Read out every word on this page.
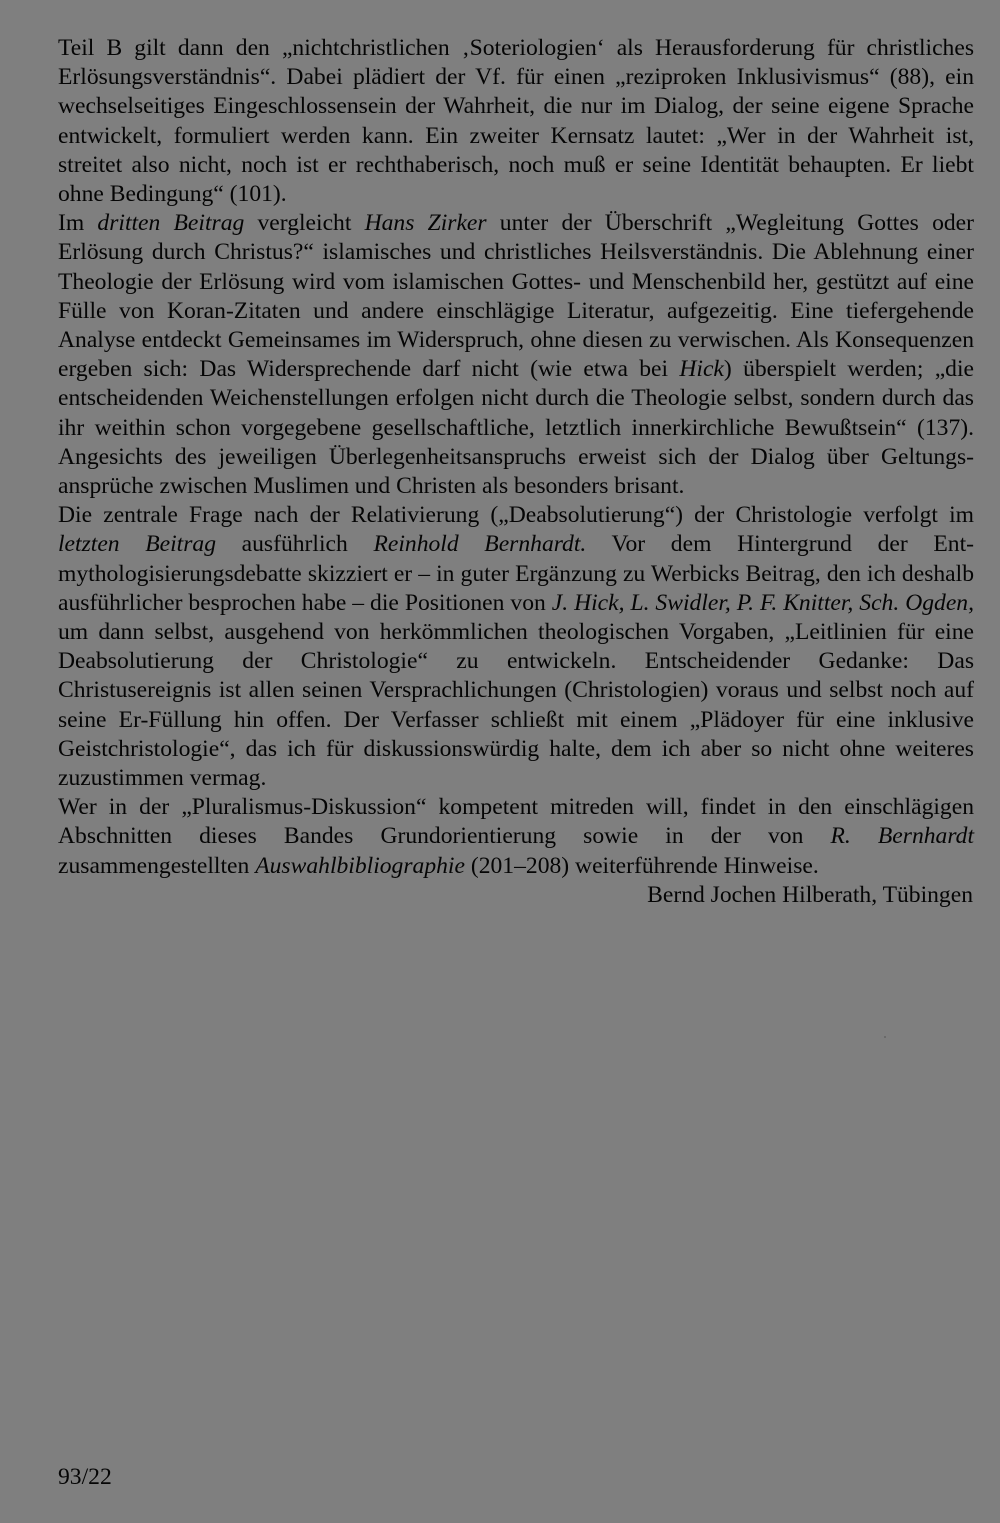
Teil B gilt dann den „nichtchristlichen ‚Soteriologien‘ als Herausforderung für christliches Erlösungsverständnis“. Dabei plädiert der Vf. für einen „reziproken Inklusivismus“ (88), ein wechselseitiges Eingeschlossensein der Wahrheit, die nur im Dialog, der seine eigene Sprache entwickelt, formuliert werden kann. Ein zweiter Kernsatz lautet: „Wer in der Wahrheit ist, streitet also nicht, noch ist er rechthaberisch, noch muß er seine Identität behaupten. Er liebt ohne Bedingung“ (101).

Im dritten Beitrag vergleicht Hans Zirker unter der Überschrift „Wegleitung Gottes oder Erlösung durch Christus?“ islamisches und christliches Heilsverständnis. Die Ablehnung einer Theologie der Erlösung wird vom islamischen Gottes- und Menschenbild her, gestützt auf eine Fülle von Koran-Zitaten und andere einschlägige Literatur, aufgezeitig. Eine tiefergehende Analyse entdeckt Gemeinsames im Widerspruch, ohne diesen zu verwischen. Als Konsequenzen ergeben sich: Das Widersprechende darf nicht (wie etwa bei Hick) überspielt werden; „die entscheidenden Weichenstellungen erfolgen nicht durch die Theologie selbst, sondern durch das ihr weithin schon vorgegebene gesellschaftliche, letztlich innerkirchliche Bewußtsein“ (137). Angesichts des jeweiligen Überlegenheitsanspruchs erweist sich der Dialog über Geltungsansprüche zwischen Muslimen und Christen als besonders brisant.

Die zentrale Frage nach der Relativierung („Deabsolutierung“) der Christologie verfolgt im letzten Beitrag ausführlich Reinhold Bernhardt. Vor dem Hintergrund der Entmythologisierungsdebatte skizziert er – in guter Ergänzung zu Werbicks Beitrag, den ich deshalb ausführlicher besprochen habe – die Positionen von J. Hick, L. Swidler, P. F. Knitter, Sch. Ogden, um dann selbst, ausgehend von herkömmlichen theologischen Vorgaben, „Leitlinien für eine Deabsolutierung der Christologie“ zu entwickeln. Entscheidender Gedanke: Das Christusereignis ist allen seinen Versprachlichungen (Christologien) voraus und selbst noch auf seine Er-Füllung hin offen. Der Verfasser schließt mit einem „Plädoyer für eine inklusive Geistchristologie“, das ich für diskussionswürdig halte, dem ich aber so nicht ohne weiteres zuzustimmen vermag.

Wer in der „Pluralismus-Diskussion“ kompetent mitreden will, findet in den einschlägigen Abschnitten dieses Bandes Grundorientierung sowie in der von R. Bernhardt zusammengestellten Auswahlbibliographie (201–208) weiterführende Hinweise.

Bernd Jochen Hilberath, Tübingen

93/22
